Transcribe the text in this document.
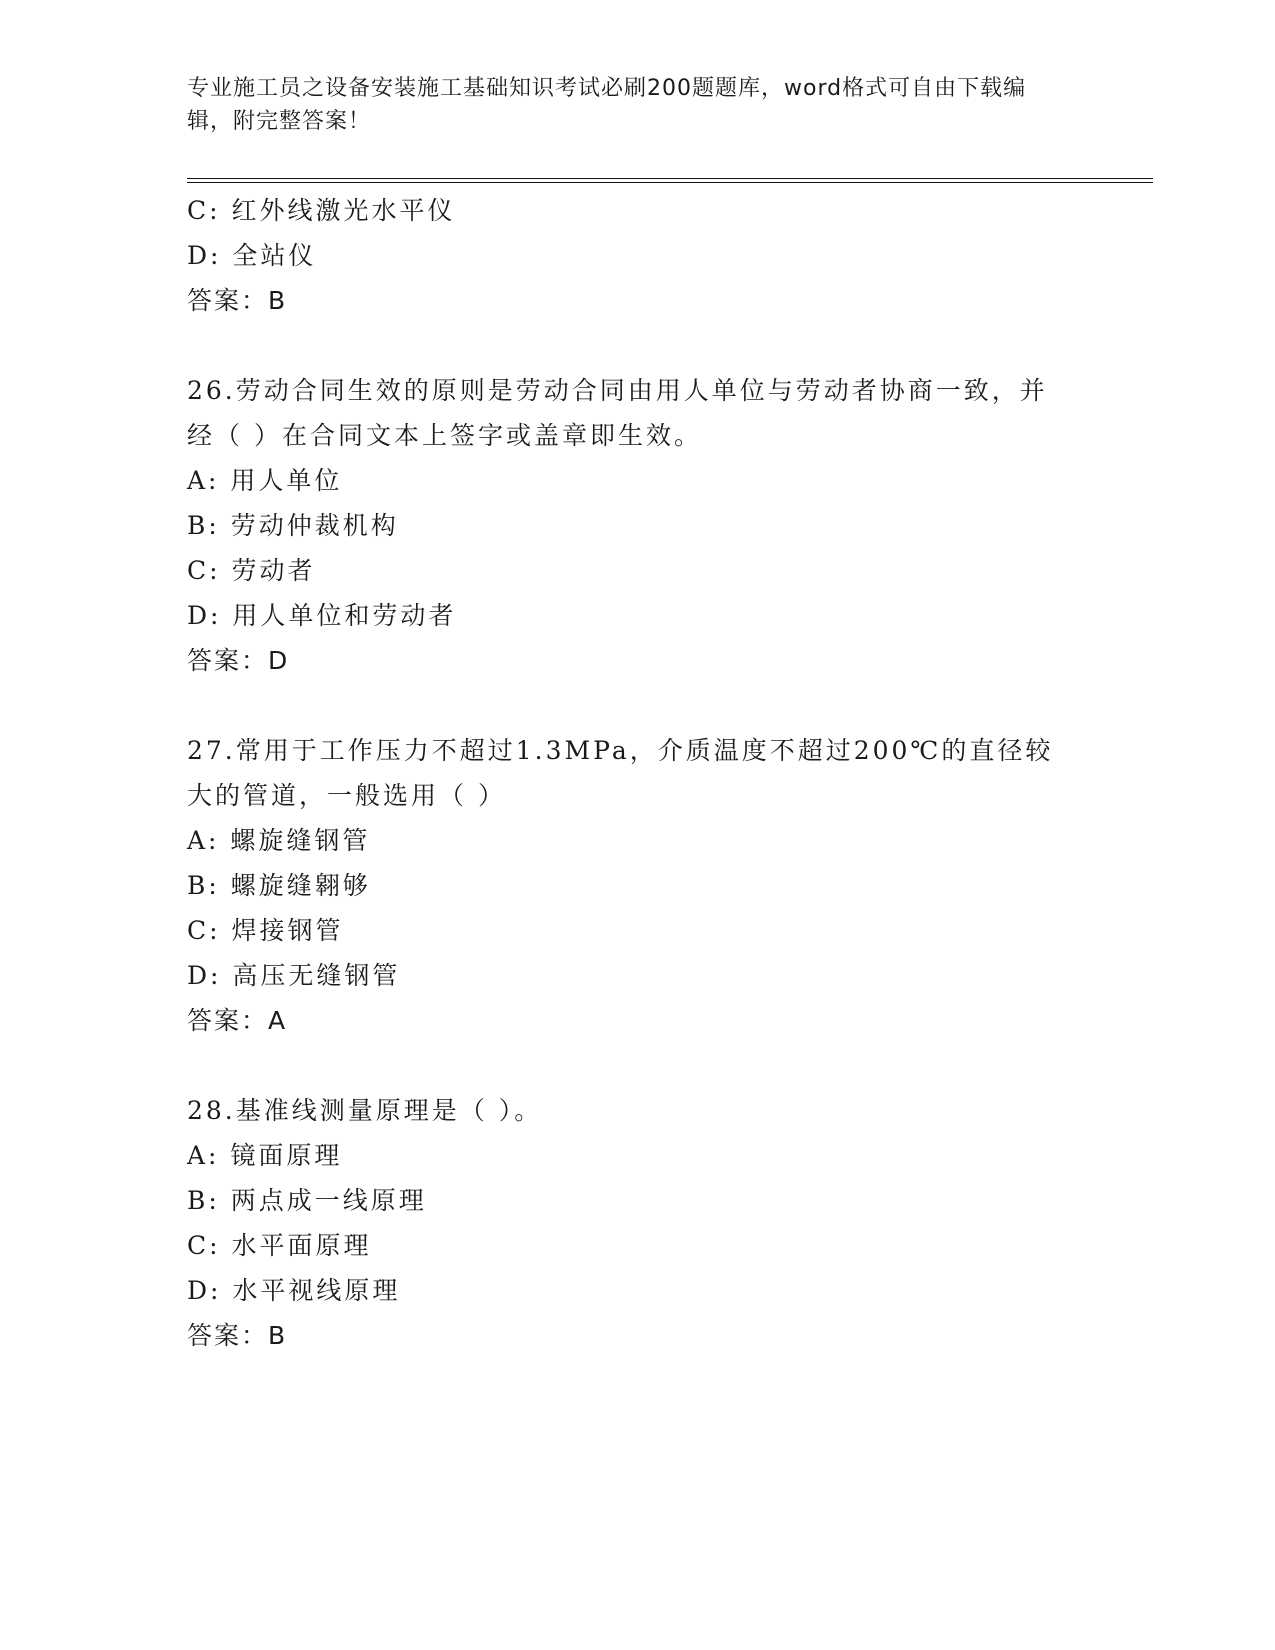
专业施工员之设备安装施工基础知识考试必刷200题题库，word格式可自由下载编辑，附完整答案！
C: 红外线激光水平仪
D: 全站仪
答案：B
26.劳动合同生效的原则是劳动合同由用人单位与劳动者协商一致，并经（ ）在合同文本上签字或盖章即生效。
A: 用人单位
B: 劳动仲裁机构
C: 劳动者
D: 用人单位和劳动者
答案：D
27.常用于工作压力不超过1.3MPa，介质温度不超过200℃的直径较大的管道，一般选用（ ）
A: 螺旋缝钢管
B: 螺旋缝翱够
C: 焊接钢管
D: 高压无缝钢管
答案：A
28.基准线测量原理是（ ）。
A: 镜面原理
B: 两点成一线原理
C: 水平面原理
D: 水平视线原理
答案：B
